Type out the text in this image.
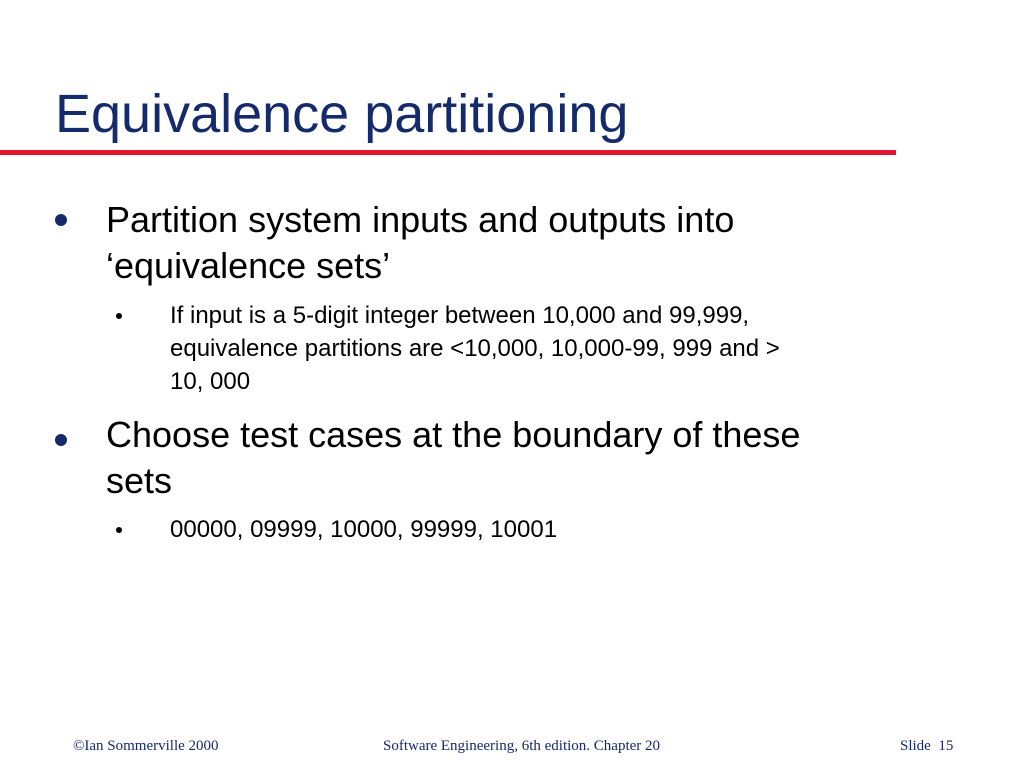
Equivalence partitioning
Partition system inputs and outputs into
‘equivalence sets’
If input is a 5-digit integer between 10,000 and 99,999,
equivalence partitions are <10,000, 10,000-99, 999 and >
10, 000
Choose test cases at the boundary of these
sets
00000, 09999, 10000, 99999, 10001
©Ian Sommerville 2000	Software Engineering, 6th edition. Chapter 20	Slide 15
